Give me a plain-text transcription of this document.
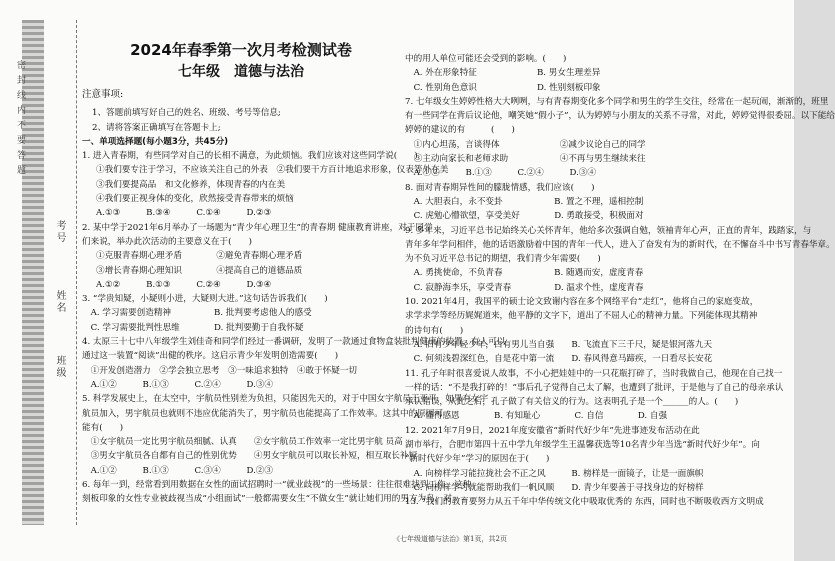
密封线内不要答题
考号
姓名
班级
2024年春季第一次月考检测试卷
七年级　道德与法治
注意事项:
1、答题前填写好自己的姓名、班级、考号等信息;
2、请将答案正确填写在答题卡上;
一、单项选择题(每小题3分，共45分)
1. 进入青春期，有些同学对自己的长相不满意，为此烦恼。我们应该对这些同学说(　　)
①我们要专注于学习，不应该关注自己的外表　②我们要干方百计地追求形象，仪表等外在美
③我们要提高品　和文化修养，体现青春的内在美
④我们要正视身体的变化，欣然接受青春带来的烦恼
A.①③　　　B.③④　　　C.①④　　　D.②③
2. 某中学于2021年6月举办了一场题为“青少年心理卫生”的青春期 健康教育讲座，对于同学
们来说，举办此次活动的主要意义在于(　　)
①克服青春期心理矛盾　　　　②避免青春期心理矛盾
③增长青春期心理知识　　　　④提高自己的道德品质
A.①②　　　B.①③　　　C.②④　　　D.③④
3. “学贵知疑，小疑则小进，大疑则大进。”这句话告诉我们(　　)
　A. 学习需要创造精神　　　　　B. 批判要考虑他人的感受
　C. 学习需要批判性思维　　　　D. 批判要勤于自我怀疑
4. 太原三十七中八年级学生刘佳奇和同学们经过一番调研，发明了一款通过食物盒装批判健康的装置，有人可以
通过这一装置“阅读”出健的秩序。这启示青少年发明创造需要(　　)
　①开发创造潜力　②学会独立思考　③一味追求独特　④敢于怀疑一切
　A.①②　　　B.①③　　　C.②④　　　D.③④
5. 科学发展史上，在太空中，宇航员性别差为负担，只能因先天的，对于中国女宇航员王亚平，如果有女宇
航员加入，男宇航员也就则不违应优能消失了，男宇航员也能提高了工作效率。这其中的原因可
能有(　　)
　①女宇航员一定比男宇航员细腻、认真　　②女宇航员工作效率一定比男宇航 员高
　③男女宇航员各自都有自己的性别优势　　④男女宇航员可以取长补短，相互取长补短
　A.①②　　　B.①③　　　C.③④　　　D.②③
6. 每年一到，经常看到用数据在女性的面试招聘时一“就业歧视”的一些场景：往往很难找到工作，这种
刻板印象的女性专业被歧视当成“小组面试”一般都需要女生“不做女生”就让她们用的男方为鸟，对
中的用人单位可能还会受到的影响。(　　)
　A. 外在形象特征　　　　　　　B. 男女生理差异
　C. 性别角色意识　　　　　　　D. 性别刻板印象
7. 七年级女生婷婷性格大大咧咧，与有青春期变化多个同学和男生的学生交往，经常在一起玩闹，渐渐的，班里
有一些同学在背后议论他，嘲笑她“假小子”，认为婷婷与小朋友的关系不寻常，对此，婷婷觉得很委屈。以下能给
婷婷的建议的有　　　(　　)
　①内心坦荡，言谈得体　　　　　　　②减少议论自己的同学
　③主动向家长和老师求助　　　　　　④不再与男生继续来往
　A.①②　　　B.①③　　　C.②④　　　D.③④
8. 面对青春期异性间的朦胧情感，我们应该(　　)
　A. 大胆表白，永不变卦　　　　　　B. 置之不理，遥相控制
　C. 虎勉心懵欲望，享受美好　　　　D. 勇敢接受，积极面对
9. 多年来，习近平总书记始终关心关怀青年，他给多次强调自勉，领袖青年心声，正直的青年，践踏家，与
青年多年学问相伴，他的话语激励着中国的青年一代人，进入了奋发有为的新时代，在不懈奋斗中书写青春华章。
为不负习近平总书记的期望，我们青少年需要(　　)
　A. 勇挑使命，不负青春　　　　　　B. 随遇而安，虚度青春
　C. 寂静海李乐，享受青春　　　　　D. 温求个性，虚度青春
10. 2021年4月，我国平的硕士论文致谢内容在多个网络平台“走红”，他将自己的家庭变故，
求学求学等经历娓娓道来，他平静的文字下，道出了不屈人心的精神力量。下列能体现其精神
的诗句有(　　)
　A. 旧有少年轻少年，白有男儿当自强　　B. 飞流直下三千尺，疑是银河落九天
　C. 何须浅碧深红色，自是花中第一流　　D. 春风得意马蹄疾，一日看尽长安花
11. 孔子年时很喜爱说人故事，不小心把娃娃中的一只花瓶打碎了，当时我做自己，他现在自己找一
一样的话：“不是我打碎的！”事后孔子觉得自己太了解，也遭到了批评，于是他与了自己的母亲承认
承认错误，从此之后，孔子做了有关信义的行为。这表明孔子是一个______的人。(　　)
　A. 懂得感恩　　　　B. 有知耻心　　　　C. 自信　　　　D. 自强
12. 2021年7月9日，2021年度安徽省“新时代好少年”先进事迹发布活动在此
湖市举行，合肥市第四十五中学九年级学生王温馨获选等10名青少年当选“新时代好少年”。向
“新时代好少年”学习的原因在于(　　)
　A. 向榜样学习能拉拢社会不正之风　　　B. 榜样是一面镜子，让是一面旗帜
　C. 向榜样学习就能帮助我们一帆风顺　　D. 青少年要善于寻找身边的好榜样
13. “我们的教育要努力从五千年中华传统文化中吸取优秀的 东西，同时也不断吸收西方文明成
《七年级道德与法治》第1页，共2页
